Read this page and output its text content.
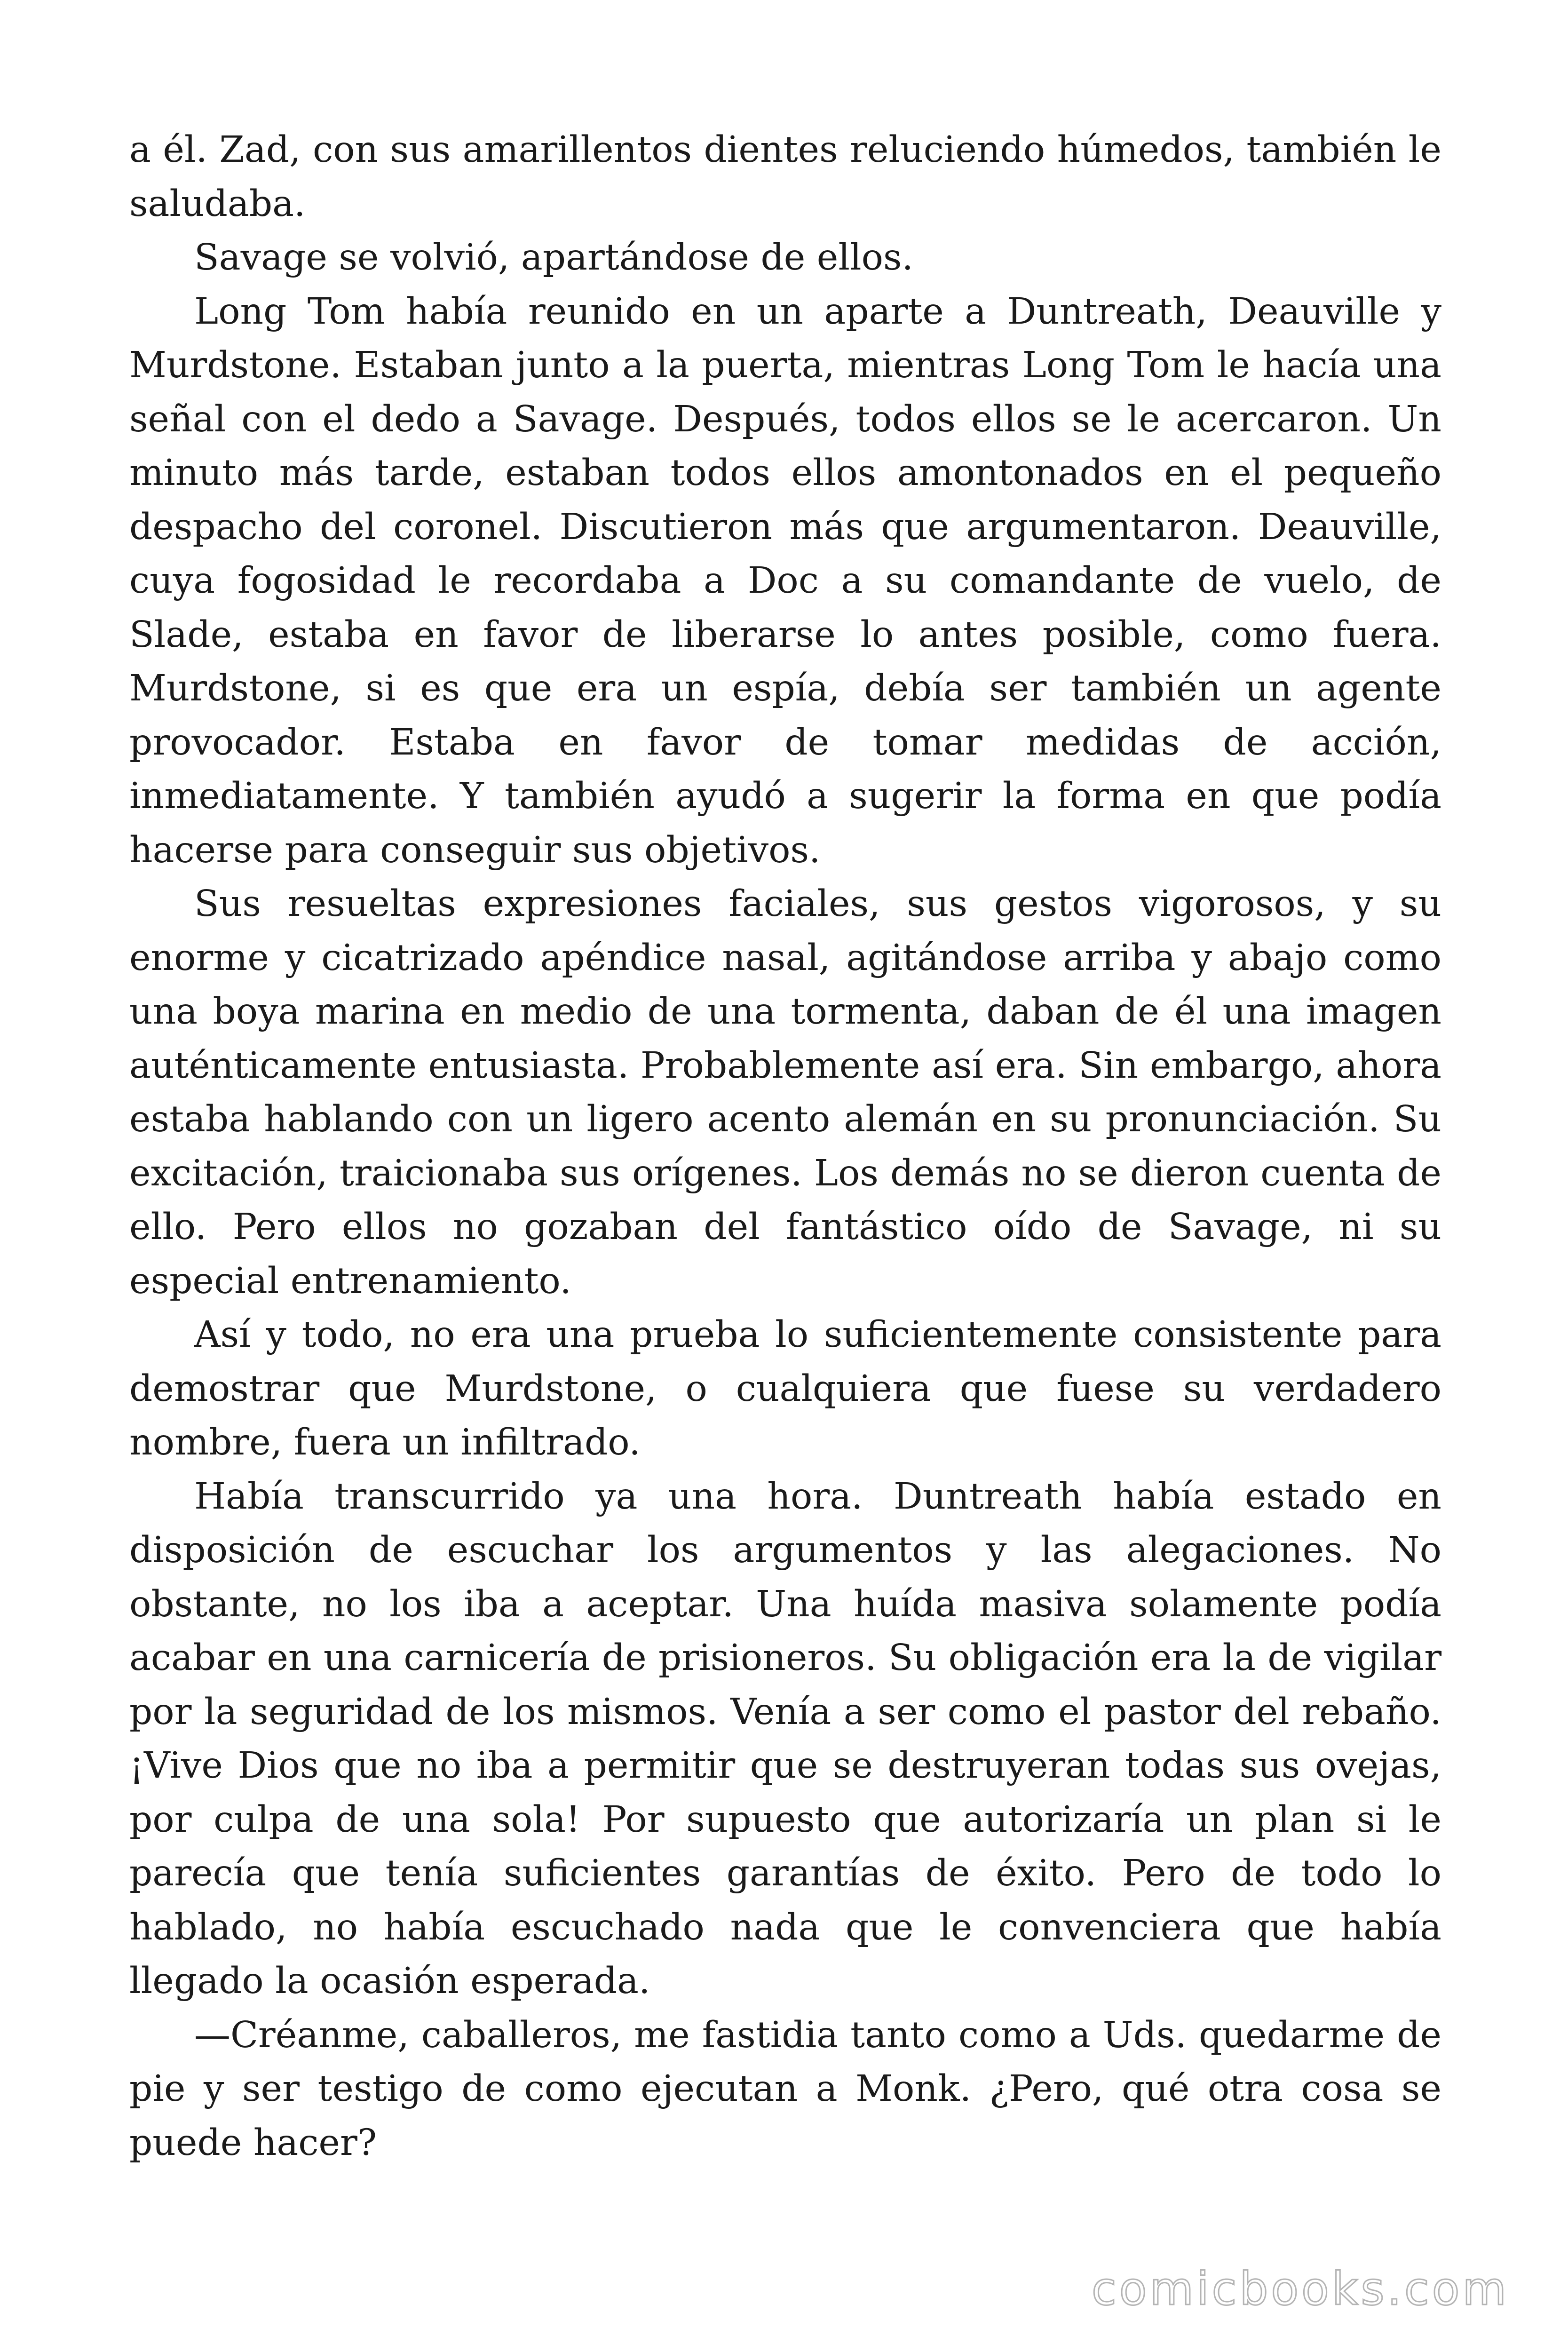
a él. Zad, con sus amarillentos dientes reluciendo húmedos, también le saludaba.

Savage se volvió, apartándose de ellos.

Long Tom había reunido en un aparte a Duntreath, Deauville y Murdstone. Estaban junto a la puerta, mientras Long Tom le hacía una señal con el dedo a Savage. Después, todos ellos se le acercaron. Un minuto más tarde, estaban todos ellos amontonados en el pequeño despacho del coronel. Discutieron más que argumentaron. Deauville, cuya fogosidad le recordaba a Doc a su comandante de vuelo, de Slade, estaba en favor de liberarse lo antes posible, como fuera. Murdstone, si es que era un espía, debía ser también un agente provocador. Estaba en favor de tomar medidas de acción, inmediatamente. Y también ayudó a sugerir la forma en que podía hacerse para conseguir sus objetivos.

Sus resueltas expresiones faciales, sus gestos vigorosos, y su enorme y cicatrizado apéndice nasal, agitándose arriba y abajo como una boya marina en medio de una tormenta, daban de él una imagen auténticamente entusiasta. Probablemente así era. Sin embargo, ahora estaba hablando con un ligero acento alemán en su pronunciación. Su excitación, traicionaba sus orígenes. Los demás no se dieron cuenta de ello. Pero ellos no gozaban del fantástico oído de Savage, ni su especial entrenamiento.

Así y todo, no era una prueba lo suficientemente consistente para demostrar que Murdstone, o cualquiera que fuese su verdadero nombre, fuera un infiltrado.

Había transcurrido ya una hora. Duntreath había estado en disposición de escuchar los argumentos y las alegaciones. No obstante, no los iba a aceptar. Una huída masiva solamente podía acabar en una carnicería de prisioneros. Su obligación era la de vigilar por la seguridad de los mismos. Venía a ser como el pastor del rebaño. ¡Vive Dios que no iba a permitir que se destruyeran todas sus ovejas, por culpa de una sola! Por supuesto que autorizaría un plan si le parecía que tenía suficientes garantías de éxito. Pero de todo lo hablado, no había escuchado nada que le convenciera que había llegado la ocasión esperada.

—Créanme, caballeros, me fastidia tanto como a Uds. quedarme de pie y ser testigo de como ejecutan a Monk. ¿Pero, qué otra cosa se puede hacer?

comicbooks.com
